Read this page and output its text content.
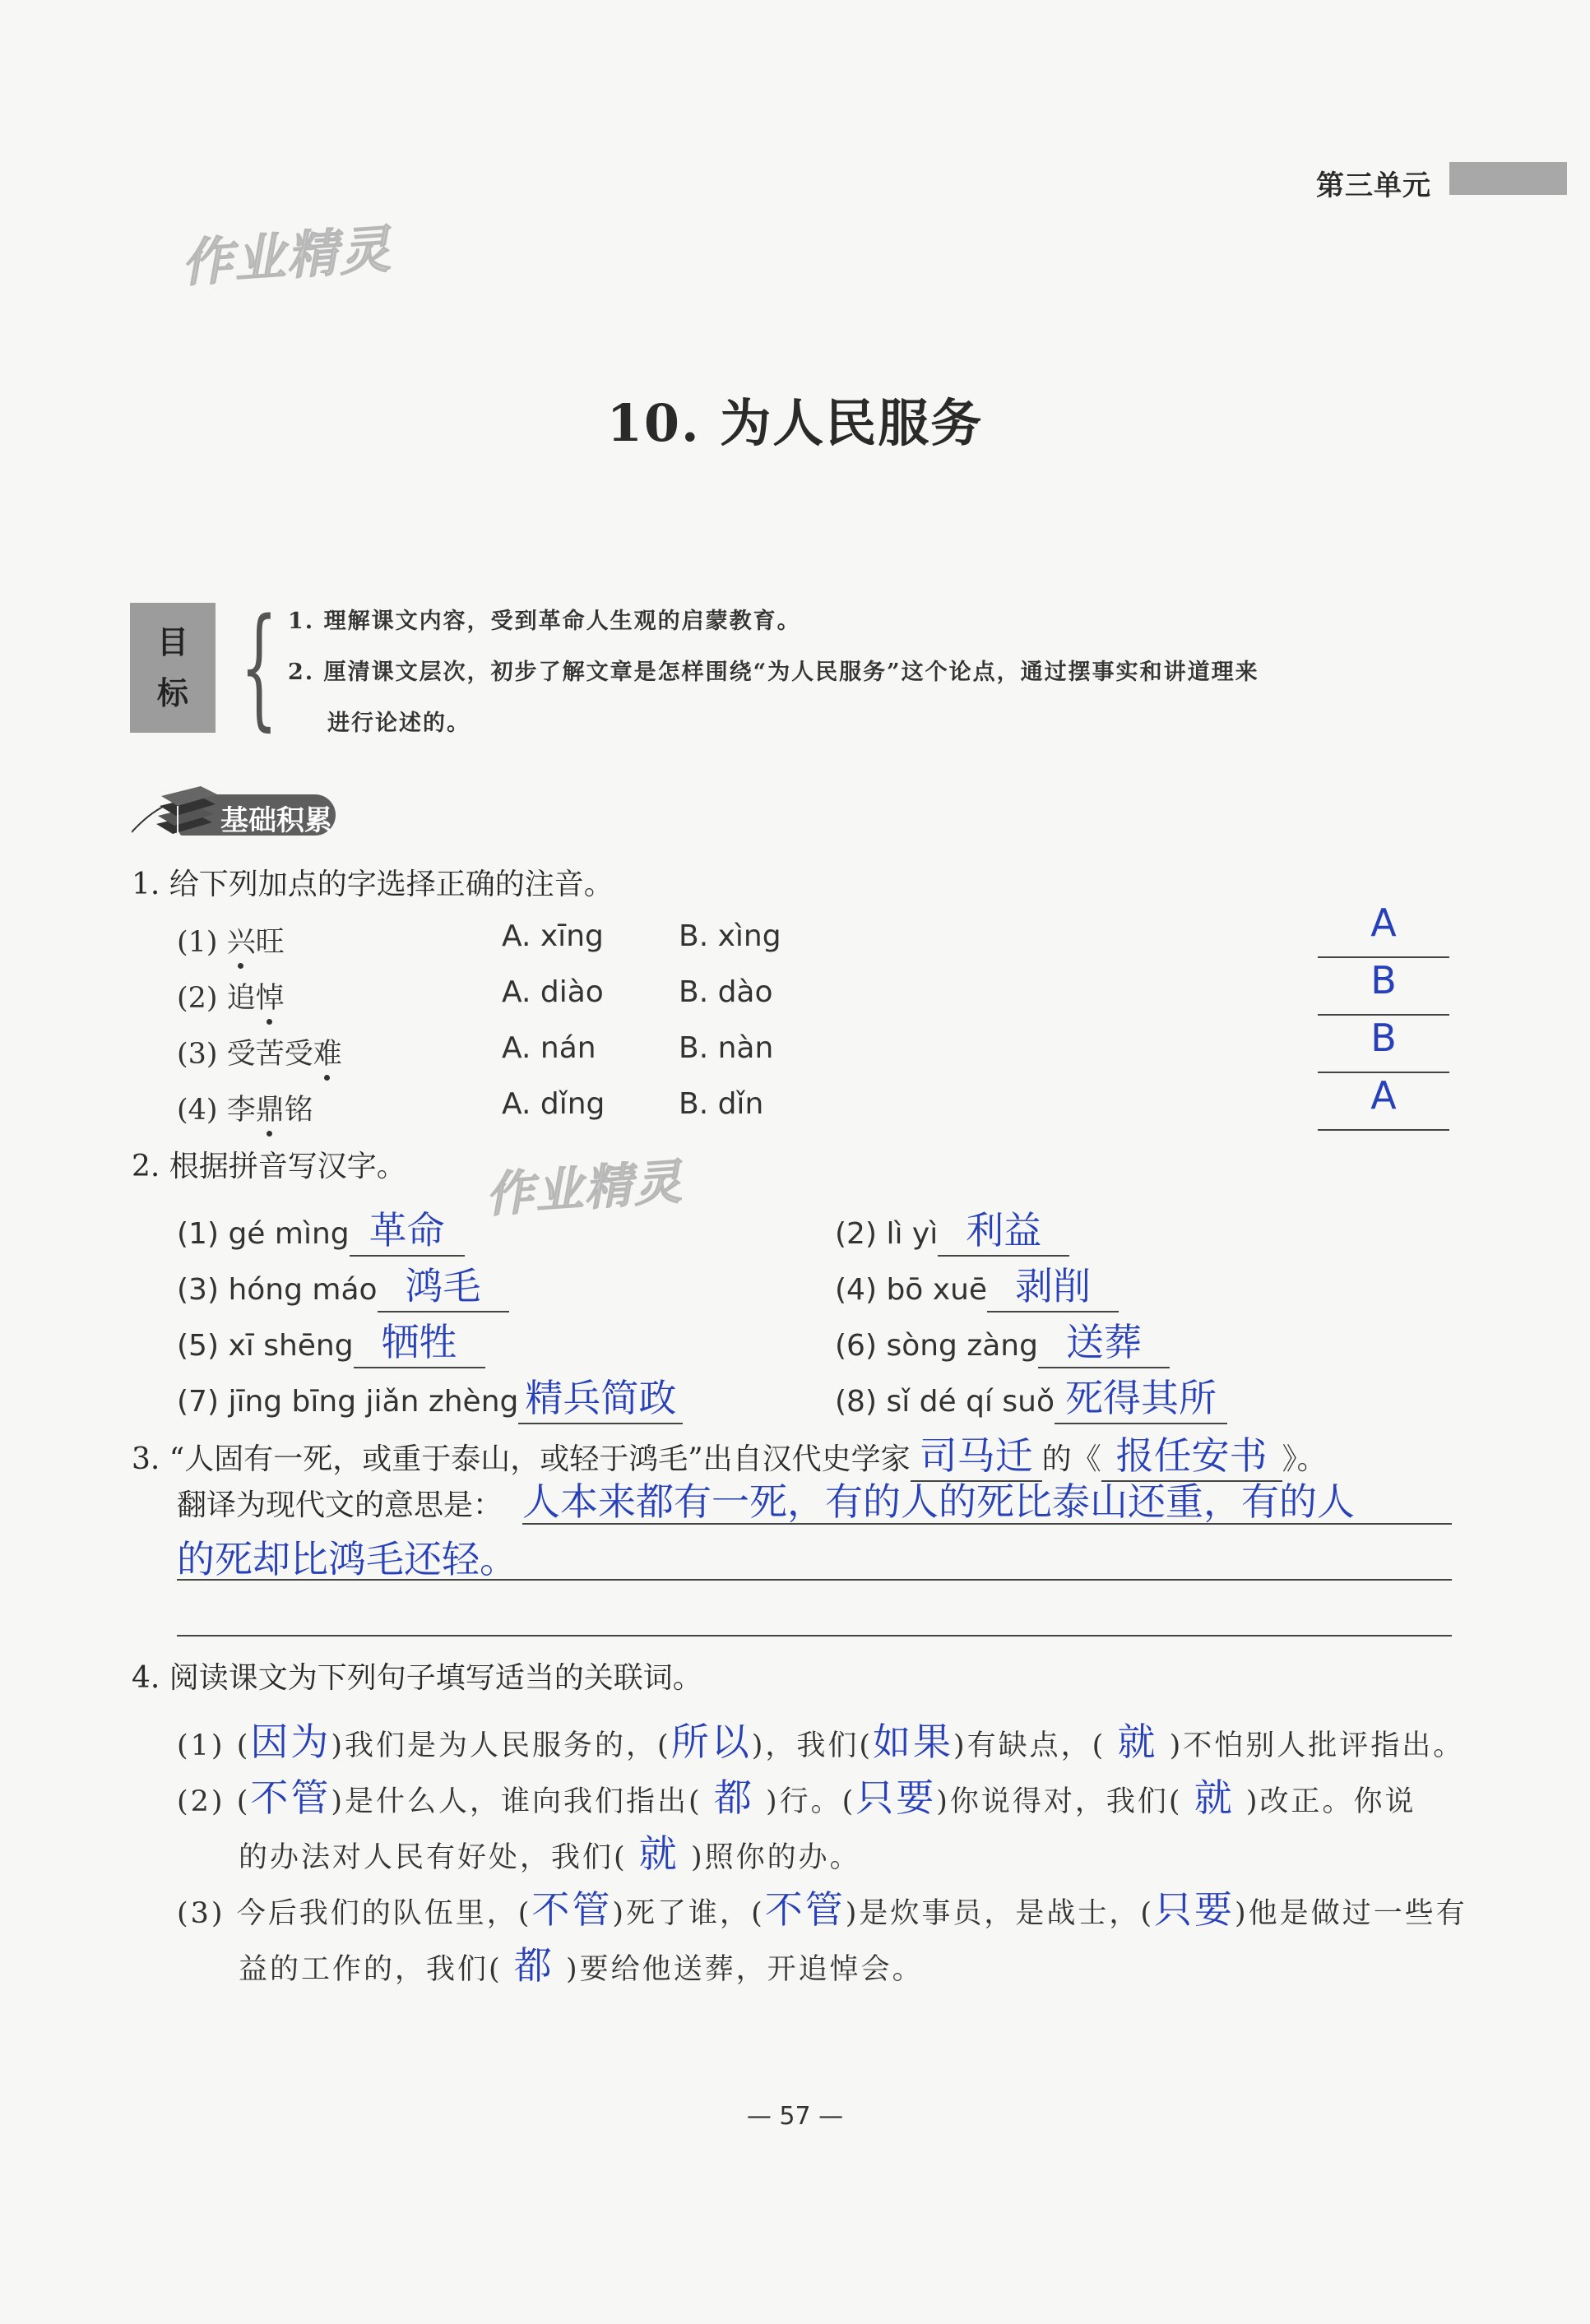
第三单元
作业精灵
10. 为人民服务
目
标 { 1. 理解课文内容，受到革命人生观的启蒙教育。
2. 厘清课文层次，初步了解文章是怎样围绕“为人民服务”这个论点，通过摆事实和讲道理来
进行论述的。
基础积累
1. 给下列加点的字选择正确的注音。
(1) 兴旺	A. xīng	B. xìng
(2) 追悼	A. diào	B. dào
(3) 受苦受难	A. nán	B. nàn
(4) 李鼎铭	A. dǐng B. dǐn
A
B
B
A
2. 根据拼音写汉字。 作业精灵
(1) gé mìng 革命	(2) lì yì 利益
(3) hóng máo 鸿毛	(4) bō xuē 剥削
(5) xī shēng 牺牲	(6) sòng zàng 送葬
(7) jīng bīng jiǎn zhèng 精兵简政	(8) sǐ dé qí suǒ 死得其所
3. “人固有一死，或重于泰山，或轻于鸿毛”出自汉代史学家 司马迁 的《 报任安书 》。
翻译为现代文的意思是： 人本来都有一死，有的人的死比泰山还重，有的人
的死却比鸿毛还轻。
4. 阅读课文为下列句子填写适当的关联词。
(1) (因为)我们是为人民服务的，(所以)，我们(如果)有缺点，( 就 )不怕别人批评指出。
(2) (不管)是什么人，谁向我们指出( 都 )行。(只要)你说得对，我们( 就 )改正。你说
的办法对人民有好处，我们( 就 )照你的办。
(3) 今后我们的队伍里，(不管)死了谁，(不管)是炊事员，是战士，(只要)他是做过一些有
益的工作的，我们( 都 )要给他送葬，开追悼会。
— 57 —
